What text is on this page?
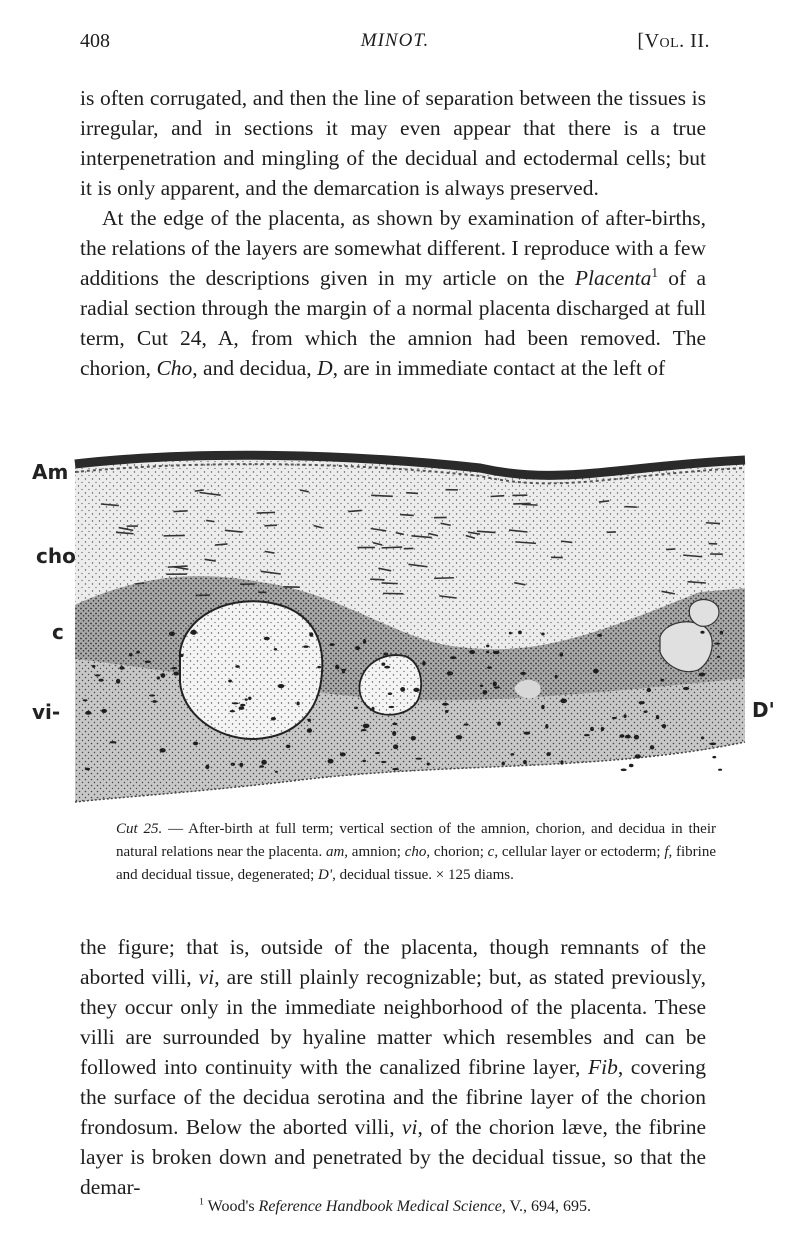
408	MINOT.	[Vol. II.

is often corrugated, and then the line of separation between the tissues is irregular, and in sections it may even appear that there is a true interpenetration and mingling of the decidual and ectodermal cells; but it is only apparent, and the demarcation is always preserved.

At the edge of the placenta, as shown by examination of after-births, the relations of the layers are somewhat different. I reproduce with a few additions the descriptions given in my article on the Placenta$^1$ of a radial section through the margin of a normal placenta discharged at full term, Cut 24, A, from which the amnion had been removed. The chorion, Cho, and decidua, D, are in immediate contact at the left of

Am
cho
c
vi-	D'
Cut 25. — After-birth at full term; vertical section of the amnion, chorion, and decidua in their natural relations near the placenta. am, amnion; cho, chorion; c, cellular layer or ectoderm; f, fibrine and decidual tissue, degenerated; D', decidual tissue. × 125 diams.

the figure; that is, outside of the placenta, though remnants of the aborted villi, vi, are still plainly recognizable; but, as stated previously, they occur only in the immediate neighborhood of the placenta. These villi are surrounded by hyaline matter which resembles and can be followed into continuity with the canalized fibrine layer, Fib, covering the surface of the decidua serotina and the fibrine layer of the chorion frondosum. Below the aborted villi, vi, of the chorion læve, the fibrine layer is broken down and penetrated by the decidual tissue, so that the demar-

$^1$ Wood's Reference Handbook Medical Science, V., 694, 695.
